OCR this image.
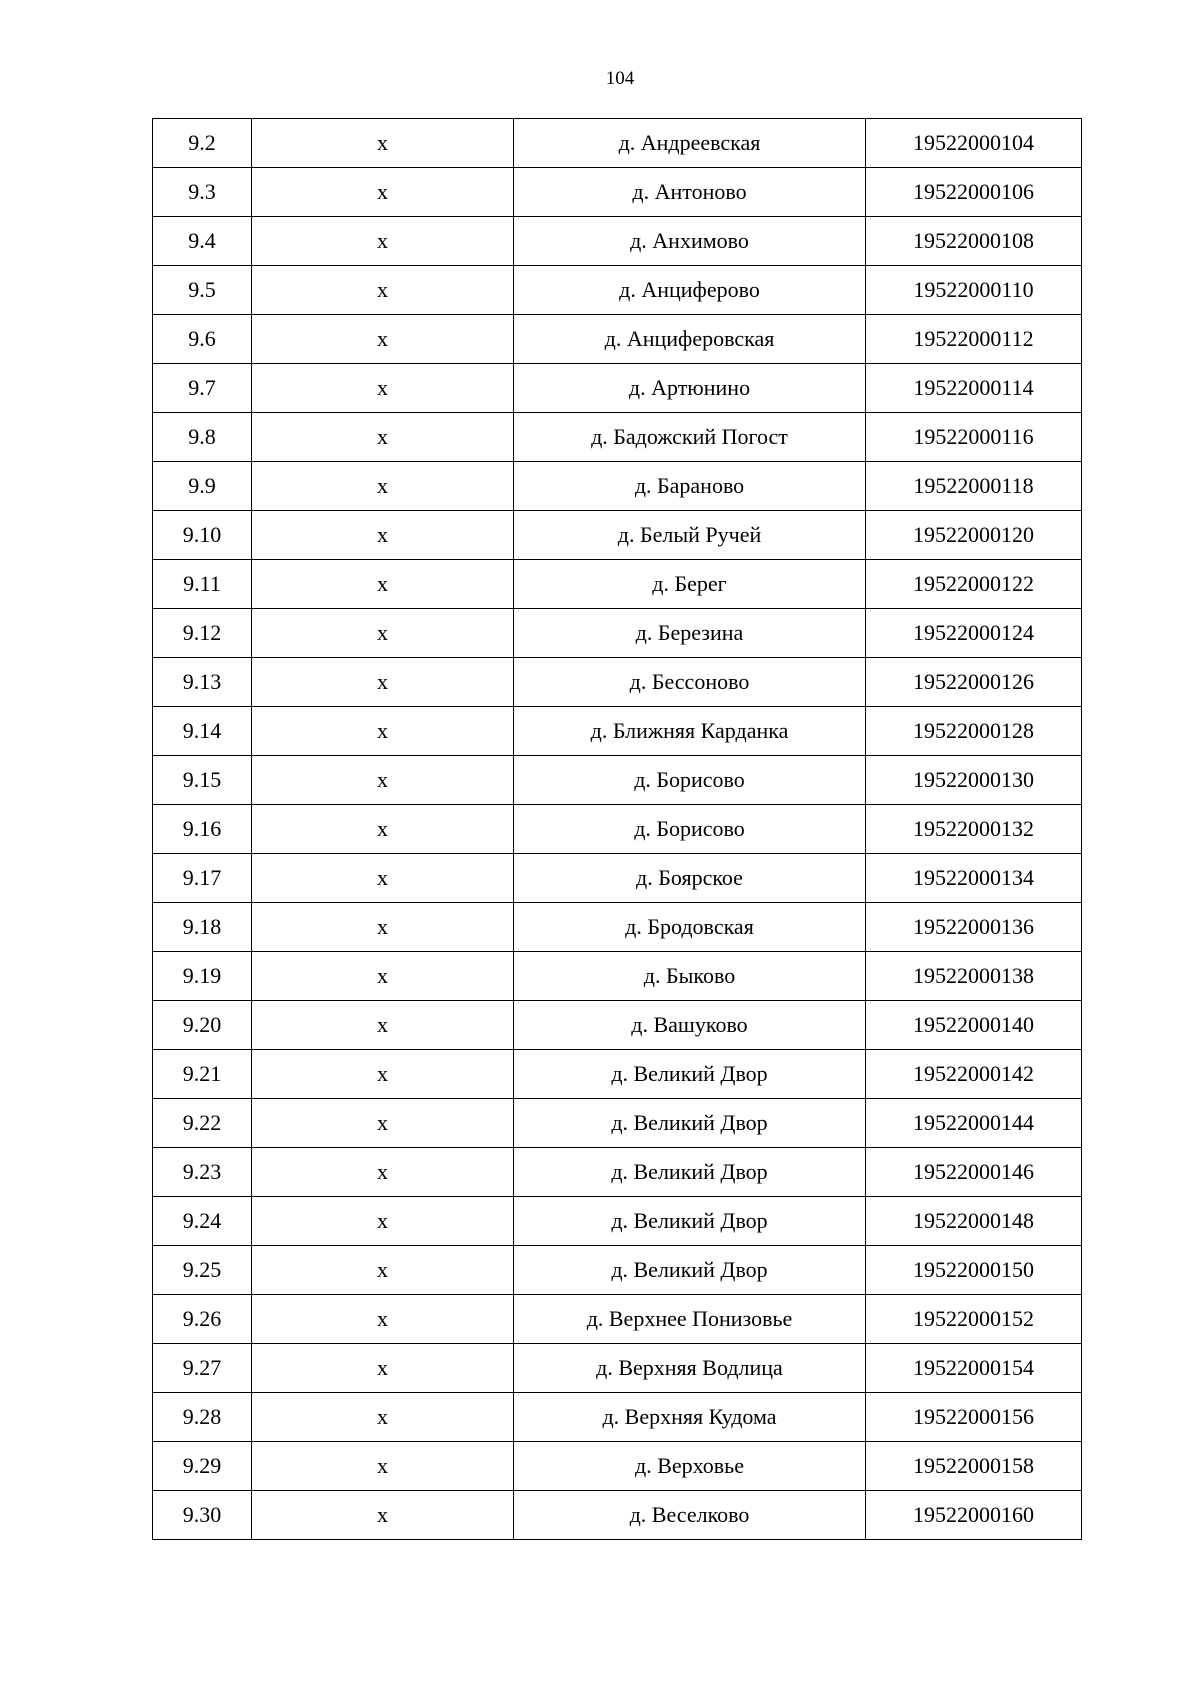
104
9.2	x	д. Андреевская	19522000104
9.3	x	д. Антоново	19522000106
9.4	x	д. Анхимово	19522000108
9.5	x	д. Анциферово	19522000110
9.6	x	д. Анциферовская	19522000112
9.7	x	д. Артюнино	19522000114
9.8	x	д. Бадожский Погост	19522000116
9.9	x	д. Бараново	19522000118
9.10	x	д. Белый Ручей	19522000120
9.11	x	д. Берег	19522000122
9.12	x	д. Березина	19522000124
9.13	x	д. Бессоново	19522000126
9.14	x	д. Ближняя Карданка	19522000128
9.15	x	д. Борисово	19522000130
9.16	x	д. Борисово	19522000132
9.17	x	д. Боярское	19522000134
9.18	x	д. Бродовская	19522000136
9.19	x	д. Быково	19522000138
9.20	x	д. Вашуково	19522000140
9.21	x	д. Великий Двор	19522000142
9.22	x	д. Великий Двор	19522000144
9.23	x	д. Великий Двор	19522000146
9.24	x	д. Великий Двор	19522000148
9.25	x	д. Великий Двор	19522000150
9.26	x	д. Верхнее Понизовье	19522000152
9.27	x	д. Верхняя Водлица	19522000154
9.28	x	д. Верхняя Кудома	19522000156
9.29	x	д. Верховье	19522000158
9.30	x	д. Веселково	19522000160
